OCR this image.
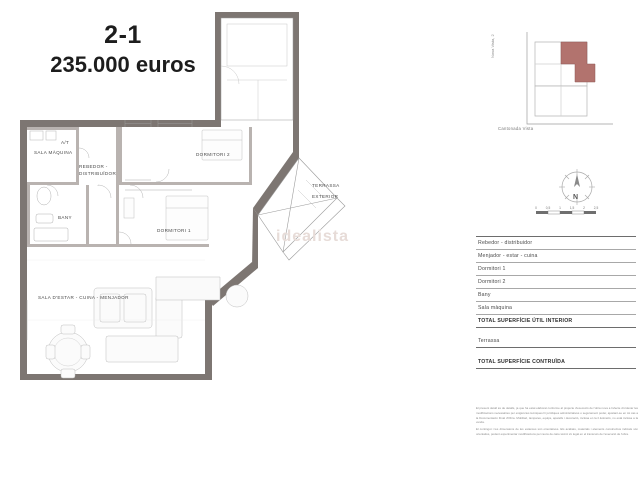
2-1
235.000 euros
SALA MÀQUINA
A/T
REBEDOR -
DISTRIBUÏDOR
DORMITORI 2
DORMITORI 1
BANY
SALA D'ESTAR - CUINA - MENJADOR
TERRASSA
EXTERIOR
idealista
Cantonada Vista
Nova Vista, 2
N
0	0,5	1	1,5	2	2,5
Rebedor - distribuidor
Menjador - estar - cuina
Dormitori 1
Dormitori 2
Bany
Sala màquina
TOTAL SUPERFÍCIE ÚTIL INTERIOR
Terrassa
TOTAL SUPERFÍCIE CONTRUÏDA

El present detall és de detalls, ja que ha estat elaborat conforme al projecte d'execució de l'obra nova a l'efecte d'ordenar les modificacions necessàries per exigències tècniques hi jurídiques administratives o segurament poder, ajustant-se en tot cas a la Documentació Final d'Obra. Mobiliari, lampares, equips, aparells i decoració, inclosa en la il·lustració, no està inclosa a la venda.

El contingut i les dimensions de les estances són orientatives. Els acabats, materials i elements constructius indicats són orientatius, podent experimentar modificacions per raons de caire tècnic i/o legal en el transcurs de l'execució de l'obra.
